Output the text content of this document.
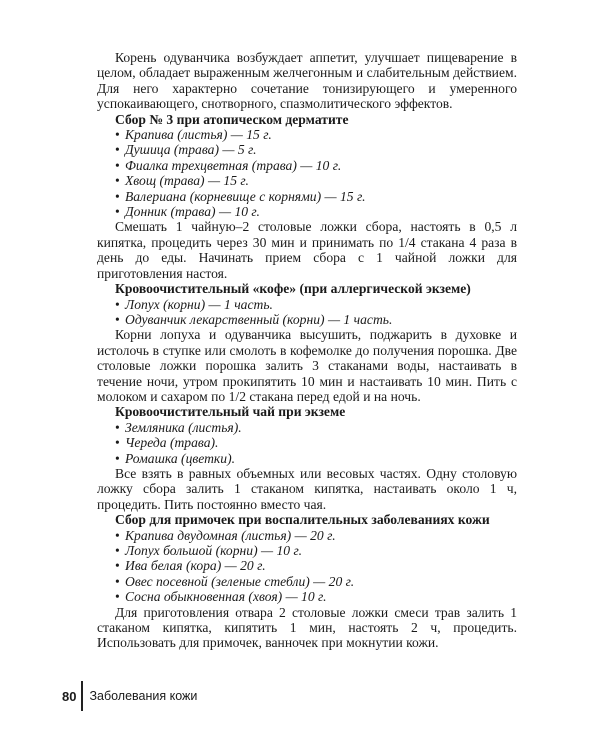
Корень одуванчика возбуждает аппетит, улучшает пищеварение в целом, обладает выраженным желчегонным и слабительным действием. Для него характерно сочетание тонизирующего и умеренного успокаивающего, снотворного, спазмолитического эффектов.

Сбор № 3 при атопическом дерматите
• Крапива (листья) — 15 г.
• Душица (трава) — 5 г.
• Фиалка трехцветная (трава) — 10 г.
• Хвощ (трава) — 15 г.
• Валериана (корневище с корнями) — 15 г.
• Донник (трава) — 10 г.

Смешать 1 чайную–2 столовые ложки сбора, настоять в 0,5 л кипятка, процедить через 30 мин и принимать по 1/4 стакана 4 раза в день до еды. Начинать прием сбора с 1 чайной ложки для приготовления настоя.

Кровоочистительный «кофе» (при аллергической экземе)
• Лопух (корни) — 1 часть.
• Одуванчик лекарственный (корни) — 1 часть.

Корни лопуха и одуванчика высушить, поджарить в духовке и истолочь в ступке или смолоть в кофемолке до получения порошка. Две столовые ложки порошка залить 3 стаканами воды, настаивать в течение ночи, утром прокипятить 10 мин и настаивать 10 мин. Пить с молоком и сахаром по 1/2 стакана перед едой и на ночь.

Кровоочистительный чай при экземе
• Земляника (листья).
• Череда (трава).
• Ромашка (цветки).

Все взять в равных объемных или весовых частях. Одну столовую ложку сбора залить 1 стаканом кипятка, настаивать около 1 ч, процедить. Пить постоянно вместо чая.

Сбор для примочек при воспалительных заболеваниях кожи
• Крапива двудомная (листья) — 20 г.
• Лопух большой (корни) — 10 г.
• Ива белая (кора) — 20 г.
• Овес посевной (зеленые стебли) — 20 г.
• Сосна обыкновенная (хвоя) — 10 г.

Для приготовления отвара 2 столовые ложки смеси трав залить 1 стаканом кипятка, кипятить 1 мин, настоять 2 ч, процедить. Использовать для примочек, ванночек при мокнутии кожи.

80 Заболевания кожи
